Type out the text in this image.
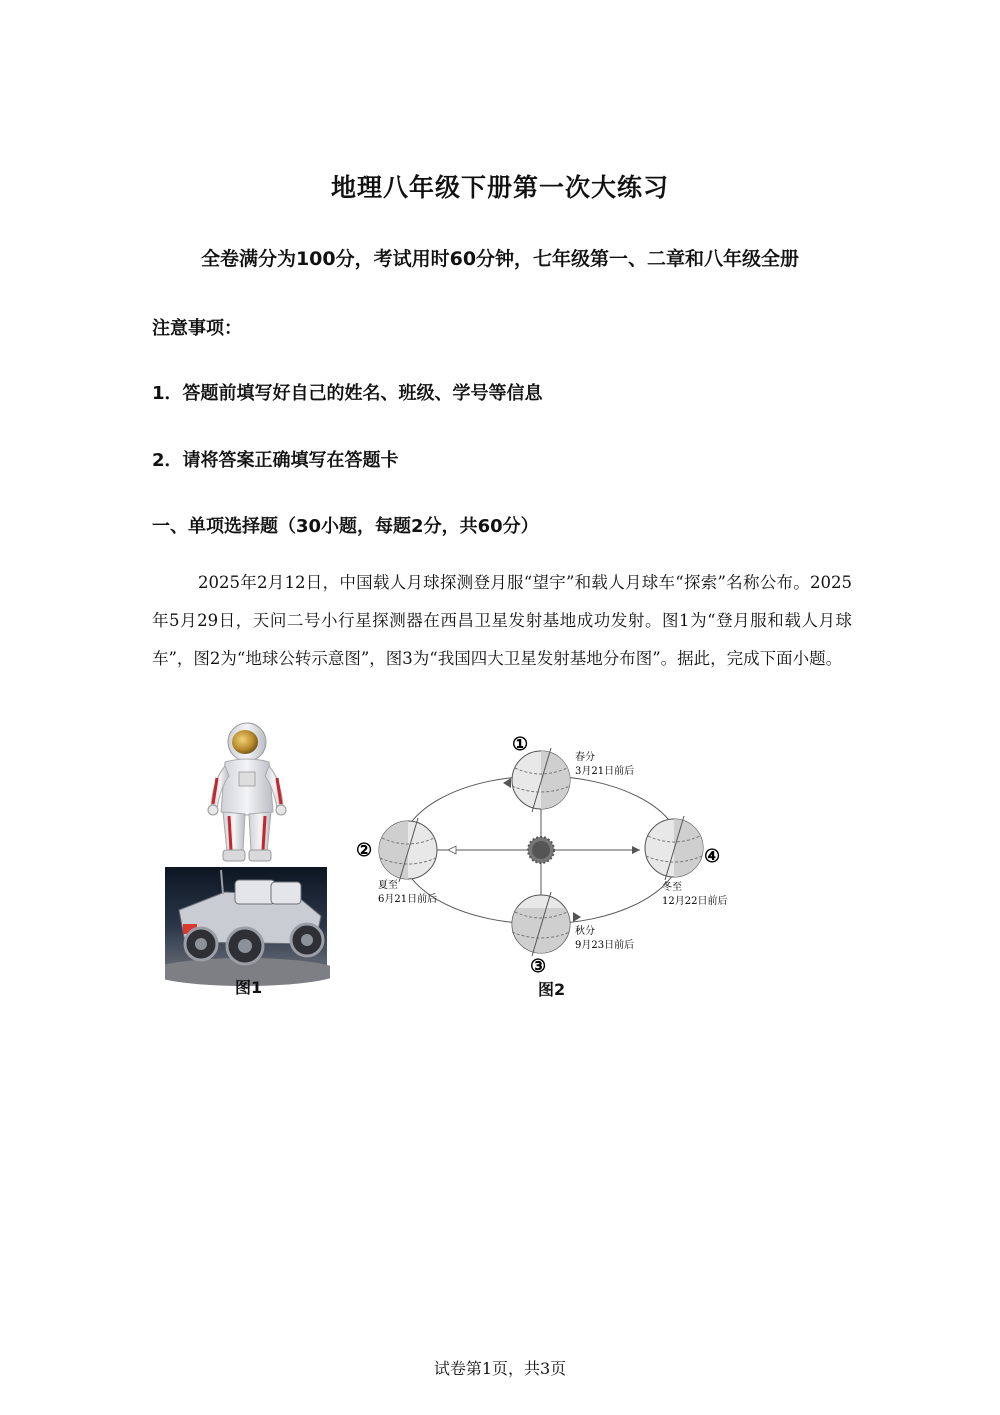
地理八年级下册第一次大练习
全卷满分为100分，考试用时60分钟，七年级第一、二章和八年级全册
注意事项：
1．答题前填写好自己的姓名、班级、学号等信息
2．请将答案正确填写在答题卡
一、单项选择题（30小题，每题2分，共60分）
2025年2月12日，中国载人月球探测登月服“望宇”和载人月球车“探索”名称公布。2025年5月29日，天问二号小行星探测器在西昌卫星发射基地成功发射。图1为“登月服和载人月球车”，图2为“地球公转示意图”，图3为“我国四大卫星发射基地分布图”。据此，完成下面小题。
图1
①
春分
3月21日前后
②
夏至
6月21日前后
③
秋分
9月23日前后
④
冬至
12月22日前后
图2
试卷第1页，共3页
